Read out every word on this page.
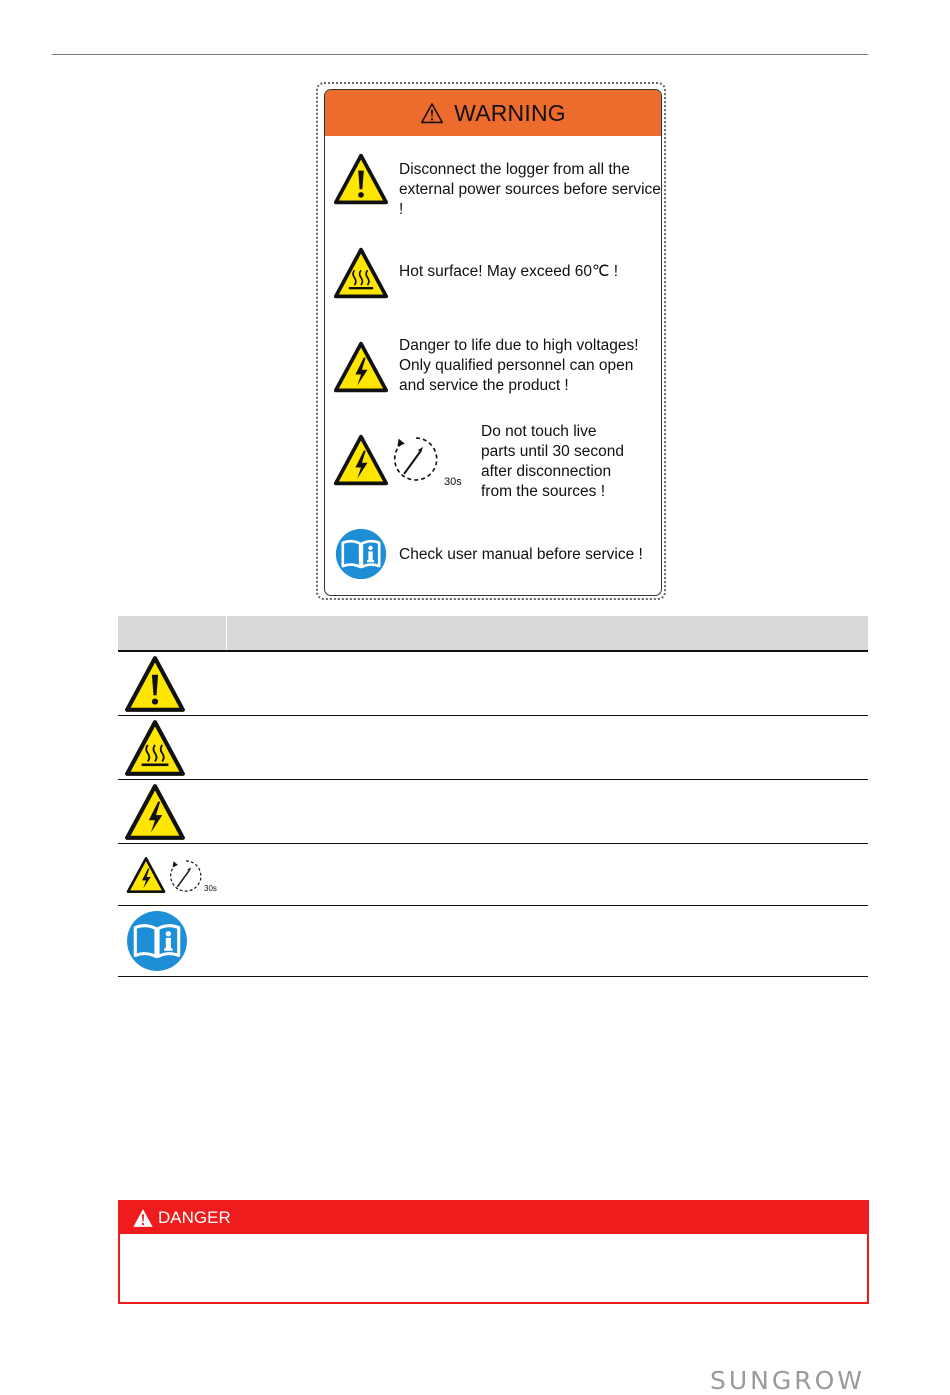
WARNING
Disconnect the logger from all the
external power sources before service !
Hot surface! May exceed 60℃ !
Danger to life due to high voltages!
Only qualified personnel can open
and service the product !
30s
Do not touch live
parts until 30 second
after disconnection
from the sources !
Check user manual before service !
30s
DANGER
SUNGROW
